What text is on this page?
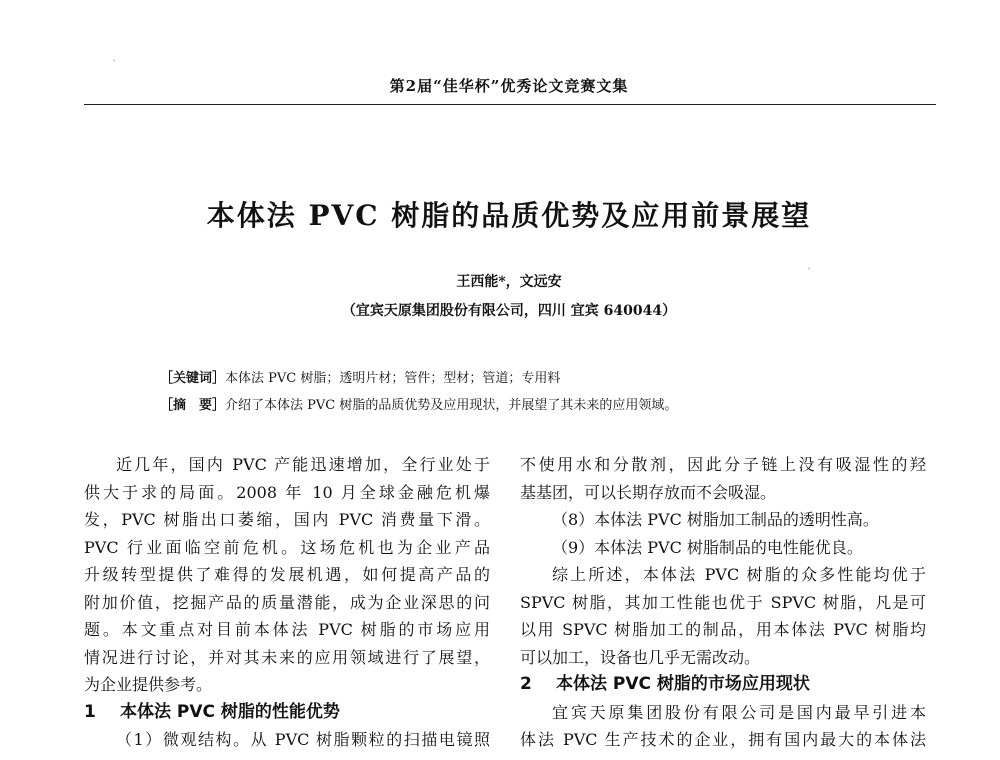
ˋ
ˊ
第2届“佳华杯”优秀论文竞赛文集
本体法 PVC 树脂的品质优势及应用前景展望
王西能*，文远安
（宜宾天原集团股份有限公司，四川 宜宾 640044）
［关键词］本体法 PVC 树脂；透明片材；管件；型材；管道；专用料
［摘　要］介绍了本体法 PVC 树脂的品质优势及应用现状，并展望了其未来的应用领域。
近几年，国内 PVC 产能迅速增加，全行业处于
供大于求的局面。2008 年 10 月全球金融危机爆
发，PVC 树脂出口萎缩，国内 PVC 消费量下滑。
PVC 行业面临空前危机。这场危机也为企业产品
升级转型提供了难得的发展机遇，如何提高产品的
附加价值，挖掘产品的质量潜能，成为企业深思的问
题。本文重点对目前本体法 PVC 树脂的市场应用
情况进行讨论，并对其未来的应用领域进行了展望，
为企业提供参考。
1 本体法 PVC 树脂的性能优势
（1）微观结构。从 PVC 树脂颗粒的扫描电镜照
不使用水和分散剂，因此分子链上没有吸湿性的羟
基基团，可以长期存放而不会吸湿。
（8）本体法 PVC 树脂加工制品的透明性高。
（9）本体法 PVC 树脂制品的电性能优良。
综上所述，本体法 PVC 树脂的众多性能均优于
SPVC 树脂，其加工性能也优于 SPVC 树脂，凡是可
以用 SPVC 树脂加工的制品，用本体法 PVC 树脂均
可以加工，设备也几乎无需改动。
2 本体法 PVC 树脂的市场应用现状
宜宾天原集团股份有限公司是国内最早引进本
体法 PVC 生产技术的企业，拥有国内最大的本体法
